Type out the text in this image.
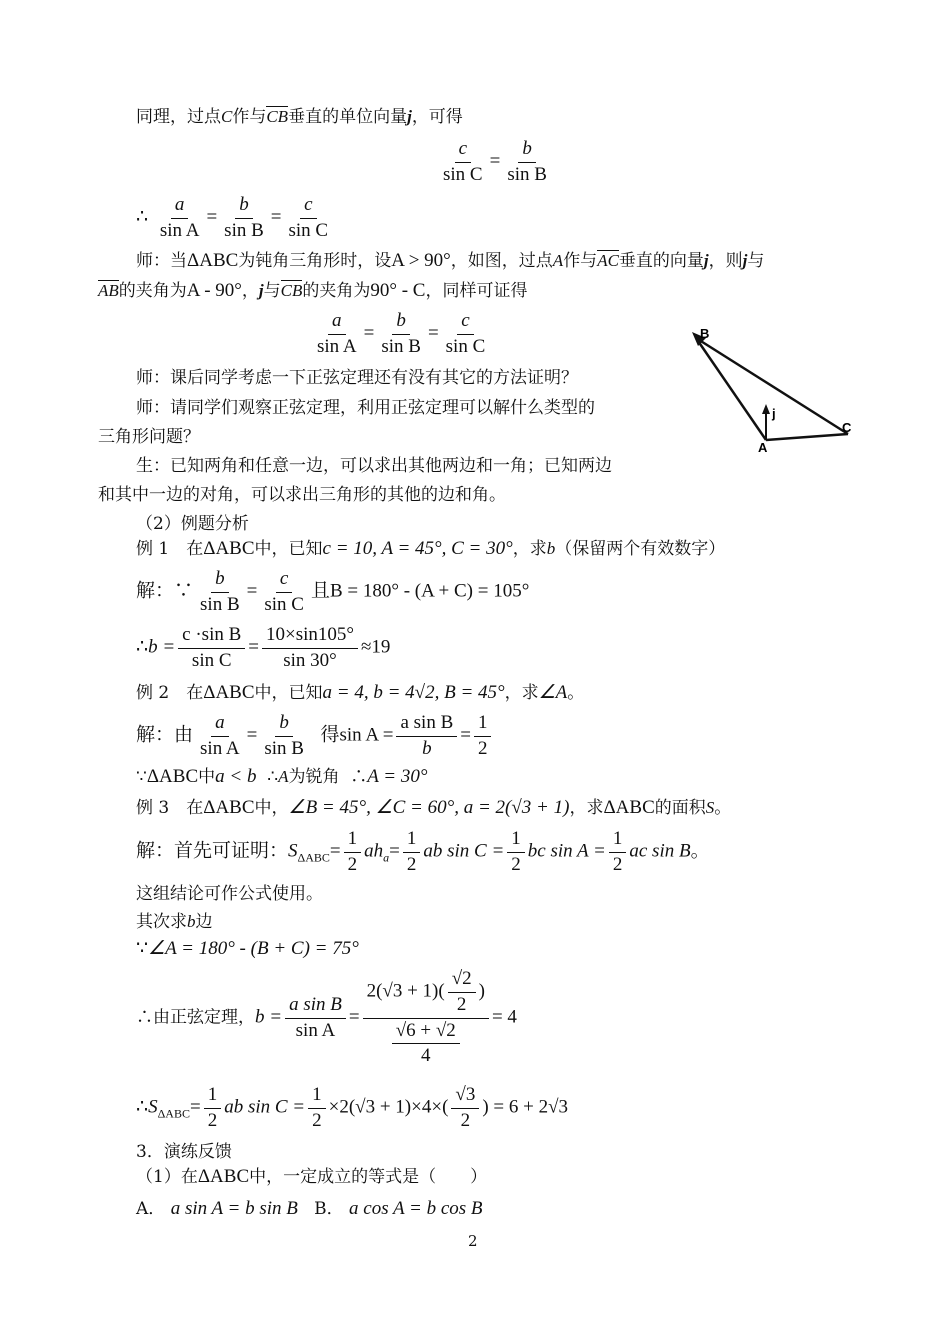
同理，过点C作与CB垂直的单位向量j，可得
$\frac{c}{\text{sin C}} = \frac{b}{\text{sin B}}$
∴ $\frac{a}{\text{sin A}} = \frac{b}{\text{sin B}} = \frac{c}{\text{sin C}}$
师：当ΔABC为钝角三角形时，设A > 90°，如图，过点A作与AC垂直的向量j，则j与
AB的夹角为A - 90°，j与CB的夹角为90° - C，同样可证得
$\frac{a}{\text{sin A}} = \frac{b}{\text{sin B}} = \frac{c}{\text{sin C}}$	B
A
C
j
师：课后同学考虑一下正弦定理还有没有其它的方法证明？
师：请同学们观察正弦定理，利用正弦定理可以解什么类型的
三角形问题？
生：已知两角和任意一边，可以求出其他两边和一角；已知两边
和其中一边的对角，可以求出三角形的其他的边和角。
（2）例题分析
例 1　在ΔABC中，已知c = 10, A = 45°, C = 30°，求b（保留两个有效数字）
解：∵ $\frac{b}{\text{sin B}} = \frac{c}{\text{sin C}}$ 且B = 180° - (A + C) = 105°
∴b = $\frac{\text{c ·sin B}}{\text{sin C}} = \frac{10\times\sin 105^\circ}{\sin 30^\circ} \approx 19$
例 2　在ΔABC中，已知a = 4, b = 4√2, B = 45°，求∠A。
解：由 $\frac{a}{\text{sin A}} = \frac{b}{\text{sin B}}$ 得$\sin A = \frac{\text{a sin B}}{b} = \frac{1}{2}$
∵ΔABC中a < b ∴A为锐角 ∴A = 30°
例 3　在ΔABC中，∠B = 45°, ∠C = 60°, a = 2(√3 + 1)，求ΔABC的面积S。
解：首先可证明：$S_{\Delta ABC}= \frac{1}{2} ah_a= \frac{1}{2}$ ab $\sin C = \frac{1}{2}$ bc $\sin A = \frac{1}{2}$ ac sin B。
这组结论可作公式使用。
其次求b边
∵∠A = 180° - (B + C) = 75°
∴由正弦定理，$b = \frac{\text{a sin B}}{\text{sin A}} = \frac{2(√3 + 1)( \frac{√2}{2} )}{\frac{√6 + √2}{4}} = 4$
$\therefore S_{\Delta ABC}= \frac{1}{2}$ ab $\sin C = \frac{1}{2} \times 2(√3 + 1)\times 4\times( \frac{√3}{2}$ ) = 6 + 2√3
3．演练反馈
（1）在ΔABC中，一定成立的等式是（　　）
A． a sin A = b sin B B． a cos A = b cos B
2
